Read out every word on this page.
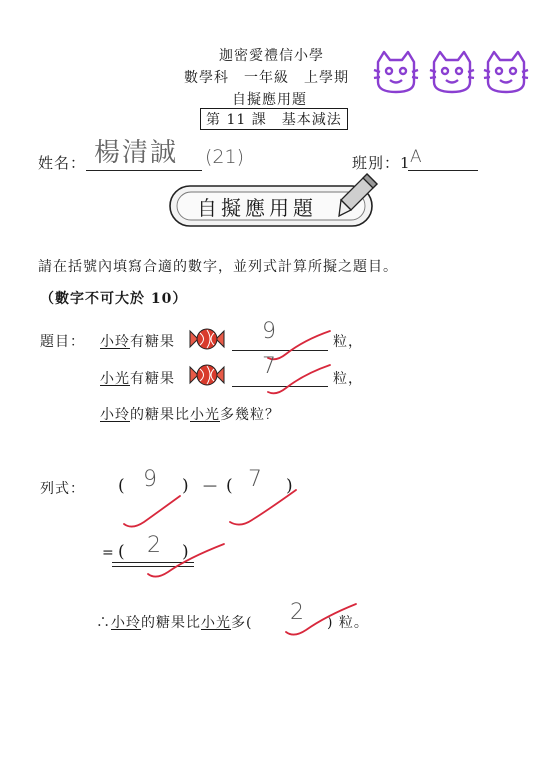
迦密愛禮信小學
數學科　一年級　上學期
自擬應用題
第 11 課　基本減法
姓名： 楊清誠 (21)	班別：1 A
自擬應用題
請在括號內填寫合適的數字，並列式計算所擬之題目。
（數字不可大於 10）
題目： 小玲有糖果	9	粒，
小光有糖果	7	粒，
小玲的糖果比小光多幾粒？
列式： ( 9 ) — ( 7 )
= ( 2 )
∴小玲的糖果比小光多( 2 ) 粒。
